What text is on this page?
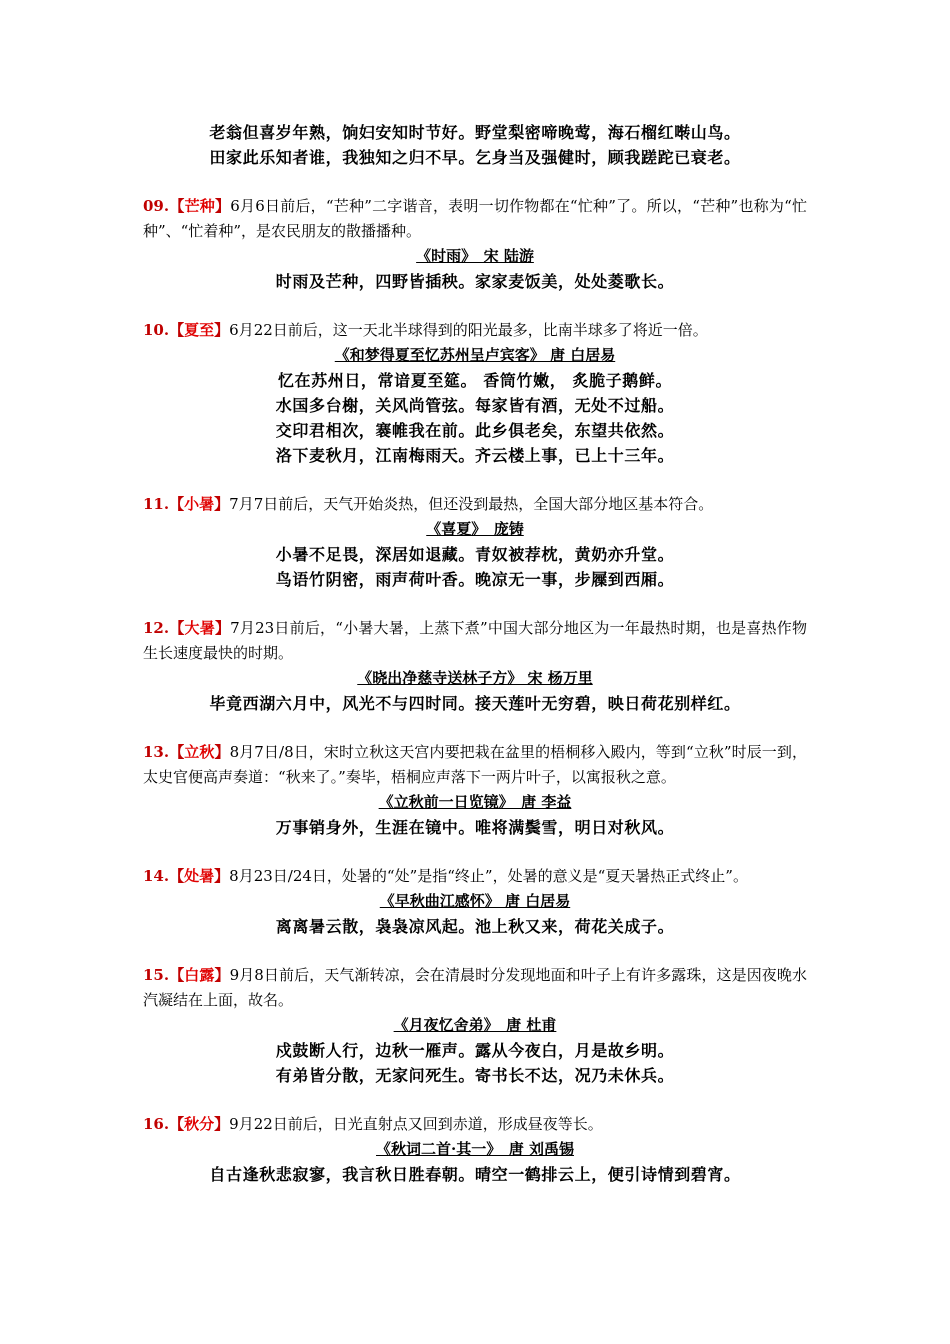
老翁但喜岁年熟，饷妇安知时节好。野堂梨密啼晚莺，海石榴红啭山鸟。
田家此乐知者谁，我独知之归不早。乞身当及强健时，顾我蹉跎已衰老。
09.【芒种】6月6日前后，“芒种”二字谐音，表明一切作物都在“忙种”了。所以，“芒种”也称为“忙种”、“忙着种”，是农民朋友的散播播种。
《时雨》　宋 陆游
时雨及芒种，四野皆插秧。家家麦饭美，处处菱歌长。
10.【夏至】6月22日前后，这一天北半球得到的阳光最多，比南半球多了将近一倍。
《和梦得夏至忆苏州呈卢宾客》 唐 白居易
忆在苏州日，常谙夏至筵。 香筒竹嫩， 炙脆子鹅鲜。
水国多台榭，关风尚管弦。每家皆有酒，无处不过船。
交印君相次，褰帷我在前。此乡俱老矣，东望共依然。
洛下麦秋月，江南梅雨天。齐云楼上事，已上十三年。
11.【小暑】7月7日前后，天气开始炎热，但还没到最热，全国大部分地区基本符合。
《喜夏》　庞铸
小暑不足畏，深居如退藏。青奴被荐枕，黄奶亦升堂。
鸟语竹阴密，雨声荷叶香。晚凉无一事，步屧到西厢。
12.【大暑】7月23日前后，“小暑大暑，上蒸下煮”中国大部分地区为一年最热时期，也是喜热作物生长速度最快的时期。
《晓出净慈寺送林子方》 宋 杨万里
毕竟西湖六月中，风光不与四时同。接天莲叶无穷碧，映日荷花别样红。
13.【立秋】8月7日/8日，宋时立秋这天宫内要把栽在盆里的梧桐移入殿内，等到“立秋”时辰一到，太史官便高声奏道：“秋来了。”奏毕，梧桐应声落下一两片叶子，以寓报秋之意。
《立秋前一日览镜》　唐 李益
万事销身外，生涯在镜中。唯将满鬓雪，明日对秋风。
14.【处暑】8月23日/24日，处暑的“处”是指“终止”，处暑的意义是“夏天暑热正式终止”。
《早秋曲江感怀》 唐 白居易
离离暑云散，袅袅凉风起。池上秋又来，荷花关成子。
15.【白露】9月8日前后，天气渐转凉，会在清晨时分发现地面和叶子上有许多露珠，这是因夜晚水汽凝结在上面，故名。
《月夜忆舍弟》　唐 杜甫
戍鼓断人行，边秋一雁声。露从今夜白，月是故乡明。
有弟皆分散，无家问死生。寄书长不达，况乃未休兵。
16.【秋分】9月22日前后，日光直射点又回到赤道，形成昼夜等长。
《秋词二首·其一》　唐 刘禹锡
自古逢秋悲寂寥，我言秋日胜春朝。晴空一鹤排云上，便引诗情到碧宵。
